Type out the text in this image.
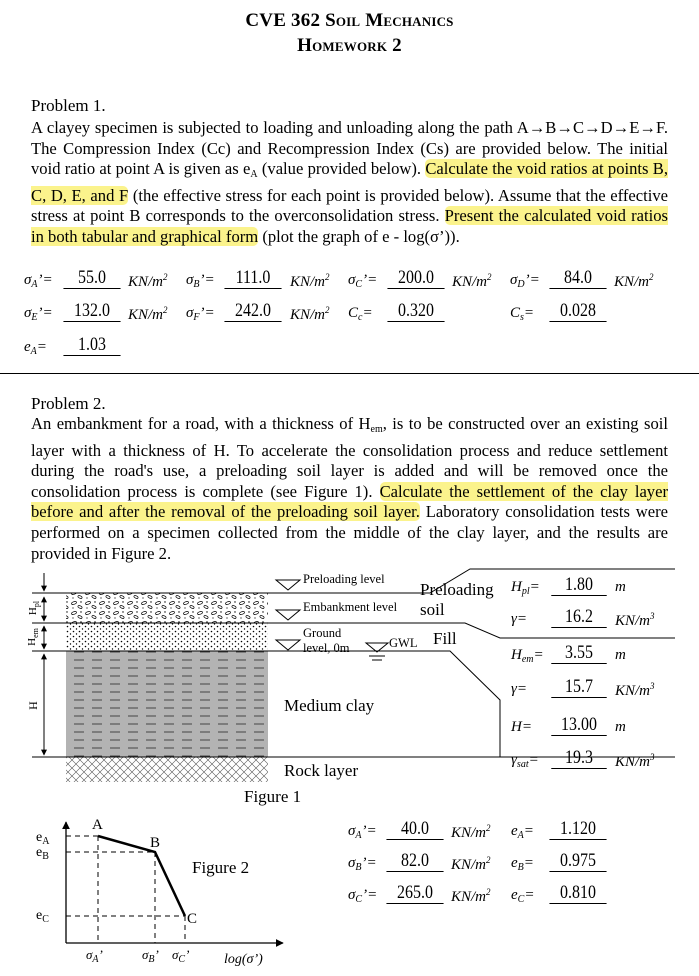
CVE 362 Soil Mechanics
Homework 2
Problem 1.

A clayey specimen is subjected to loading and unloading along the path A→B→C→D→E→F. The Compression Index (Cc) and Recompression Index (Cs) are provided below. The initial void ratio at point A is given as $e_A$ (value provided below). Calculate the void ratios at points B, C, D, E, and F (the effective stress for each point is provided below). Assume that the effective stress at point B corresponds to the overconsolidation stress. Present the calculated void ratios in both tabular and graphical form (plot the graph of e - log(σ’)).

$\sigma_A’=$	55.0	$KN/m^2$ $\sigma_B’=$	111.0	$KN/m^2$ $\sigma_C’=$	200.0	$KN/m^2$ $\sigma_D’=$	84.0	$KN/m^2$
$\sigma_E’=$	132.0	$KN/m^2$ $\sigma_F’=$	242.0	$KN/m^2$ $C_c=$	0.320	$C_s=$	0.028
$e_A=$	1.03
Problem 2.

An embankment for a road, with a thickness of $H_{em}$, is to be constructed over an existing soil layer with a thickness of H. To accelerate the consolidation process and reduce settlement during the road's use, a preloading soil layer is added and will be removed once the consolidation process is complete (see Figure 1). Calculate the settlement of the clay layer before and after the removal of the preloading soil layer. Laboratory consolidation tests were performed on a specimen collected from the middle of the clay layer, and the results are provided in Figure 2.

Preloading level
Embankment level
Ground
level, 0m	GWL
Preloading
soil
Fill
Medium clay
Rock layer
Figure 1
$H_{pl}$
$H_{em}$
H
$H_{pl}=$	1.80	m
γ=	16.2	$KN/m^3$
$H_{em}=$	3.55	m
γ=	15.7	$KN/m^3$
H=	13.00	m
$\gamma_{sat}=$	19.3	$KN/m^3$
A
B
C
$e_A$
$e_B$
$e_C$
$\sigma_A$’	$\sigma_B$’ $\sigma_C$’ log(σ’)
Figure 2
$\sigma_A’=$	40.0	$KN/m^2$ $e_A=$	1.120
$\sigma_B’=$	82.0	$KN/m^2$ $e_B=$	0.975
$\sigma_C’=$	265.0	$KN/m^2$ $e_C=$	0.810
